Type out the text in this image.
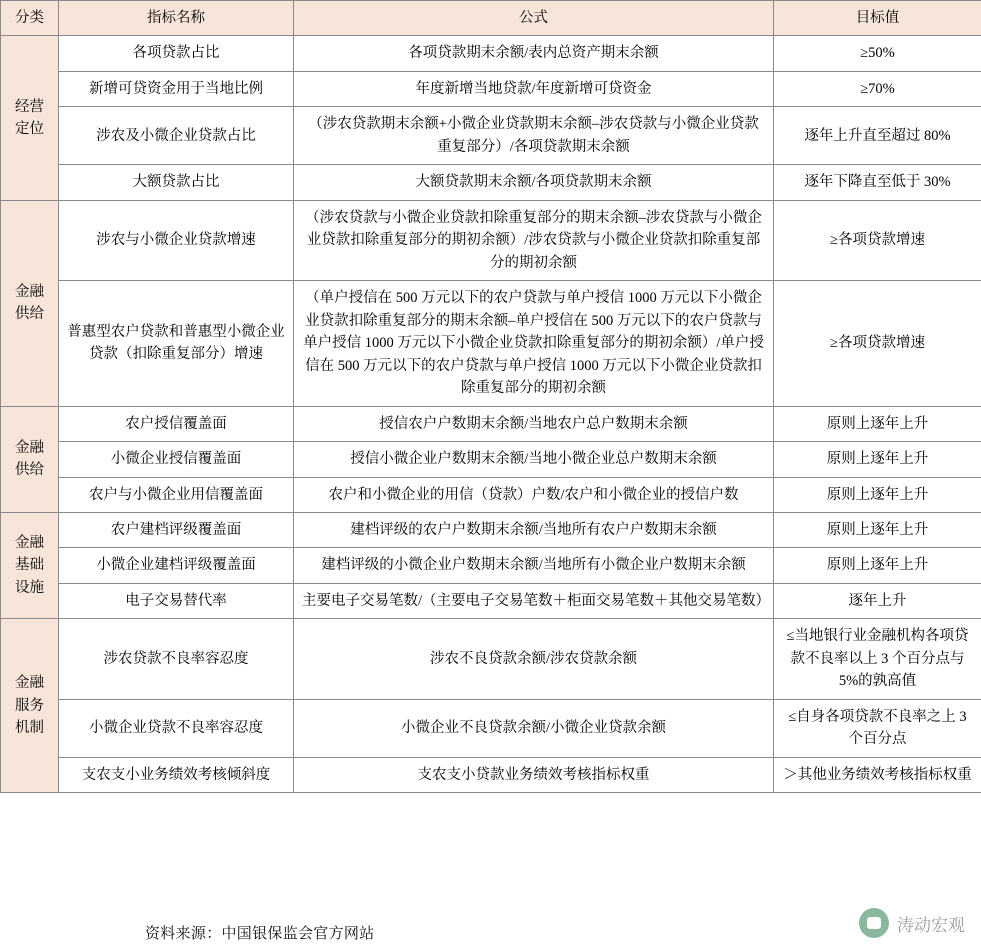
分类	指标名称	公式	目标值
经营
定位	各项贷款占比	各项贷款期末余额/表内总资产期末余额	≥50%
	新增可贷资金用于当地比例	年度新增当地贷款/年度新增可贷资金	≥70%
	涉农及小微企业贷款占比	（涉农贷款期末余额+小微企业贷款期末余额–涉农贷款与小微企业贷款重复部分）/各项贷款期末余额	逐年上升直至超过 80%
	大额贷款占比	大额贷款期末余额/各项贷款期末余额	逐年下降直至低于 30%
金融
供给	涉农与小微企业贷款增速	（涉农贷款与小微企业贷款扣除重复部分的期末余额–涉农贷款与小微企业贷款扣除重复部分的期初余额）/涉农贷款与小微企业贷款扣除重复部分的期初余额	≥各项贷款增速
	普惠型农户贷款和普惠型小微企业贷款（扣除重复部分）增速	（单户授信在 500 万元以下的农户贷款与单户授信 1000 万元以下小微企业贷款扣除重复部分的期末余额–单户授信在 500 万元以下的农户贷款与单户授信 1000 万元以下小微企业贷款扣除重复部分的期初余额）/单户授信在 500 万元以下的农户贷款与单户授信 1000 万元以下小微企业贷款扣除重复部分的期初余额	≥各项贷款增速
金融
供给	农户授信覆盖面	授信农户户数期末余额/当地农户总户数期末余额	原则上逐年上升
	小微企业授信覆盖面	授信小微企业户数期末余额/当地小微企业总户数期末余额	原则上逐年上升
	农户与小微企业用信覆盖面	农户和小微企业的用信（贷款）户数/农户和小微企业的授信户数	原则上逐年上升
金融
基础
设施	农户建档评级覆盖面	建档评级的农户户数期末余额/当地所有农户户数期末余额	原则上逐年上升
	小微企业建档评级覆盖面	建档评级的小微企业户数期末余额/当地所有小微企业户数期末余额	原则上逐年上升
	电子交易替代率	主要电子交易笔数/（主要电子交易笔数＋柜面交易笔数＋其他交易笔数）	逐年上升
金融
服务
机制	涉农贷款不良率容忍度	涉农不良贷款余额/涉农贷款余额	≤当地银行业金融机构各项贷款不良率以上 3 个百分点与 5%的孰高值
	小微企业贷款不良率容忍度	小微企业不良贷款余额/小微企业贷款余额	≤自身各项贷款不良率之上 3 个百分点
	支农支小业务绩效考核倾斜度	支农支小贷款业务绩效考核指标权重	＞其他业务绩效考核指标权重
资料来源：中国银保监会官方网站	涛动宏观
